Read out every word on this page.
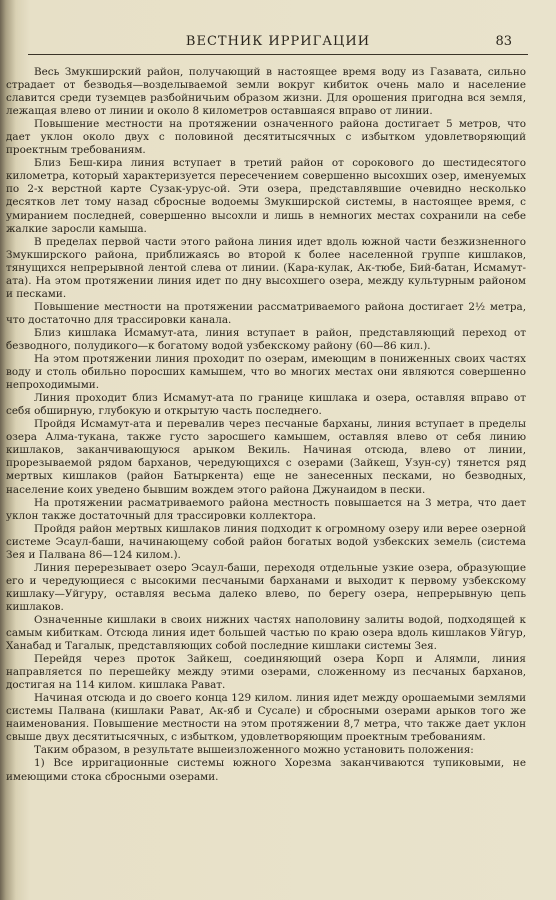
ВЕСТНИК ИРРИГАЦИИ	83

Весь Змукширский район, получающий в настоящее время воду из Газавата, сильно страдает от безводья—возделываемой земли вокруг кибиток очень мало и население славится среди туземцев разбойничьим образом жизни. Для орошения пригодна вся земля, лежащая влево от линии и около 8 километров оставшаяся вправо от линии.

Повышение местности на протяжении означенного района достигает 5 метров, что дает уклон около двух с половиной десятитысячных с избытком удовлетворяющий проектным требованиям.

Близ Беш-кира линия вступает в третий район от сорокового до шестидесятого километра, который характеризуется пересечением совершенно высохших озер, именуемых по 2-х верстной карте Сузак-урус-ой. Эти озера, представлявшие очевидно несколько десятков лет тому назад сбросные водоемы Змукширской системы, в настоящее время, с умиранием последней, совершенно высохли и лишь в немногих местах сохранили на себе жалкие заросли камыша.

В пределах первой части этого района линия идет вдоль южной части безжизненного Змукширского района, приближаясь во второй к более населенной группе кишлаков, тянущихся непрерывной лентой слева от линии. (Кара-кулак, Ак-тюбе, Бий-батан, Исмамут-ата). На этом протяжении линия идет по дну высохшего озера, между культурным районом и песками.

Повышение местности на протяжении рассматриваемого района достигает 2½ метра, что достаточно для трассировки канала.

Близ кишлака Исмамут-ата, линия вступает в район, представляющий переход от безводного, полудикого—к богатому водой узбекскому району (60—86 кил.).

На этом протяжении линия проходит по озерам, имеющим в пониженных своих частях воду и столь обильно поросших камышем, что во многих местах они являются совершенно непроходимыми.

Линия проходит близ Исмамут-ата по границе кишлака и озера, оставляя вправо от себя обширную, глубокую и открытую часть последнего.

Пройдя Исмамут-ата и перевалив через песчаные барханы, линия вступает в пределы озера Алма-тукана, также густо заросшего камышем, оставляя влево от себя линию кишлаков, заканчивающуюся арыком Векиль. Начиная отсюда, влево от линии, прорезываемой рядом барханов, чередующихся с озерами (Зайкеш, Узун-су) тянется ряд мертвых кишлаков (район Батыркента) еще не занесенных песками, но безводных, население коих уведено бывшим вождем этого района Джунаидом в пески.

На протяжении расматриваемого района местность повышается на 3 метра, что дает уклон также достаточный для трассировки коллектора.

Пройдя район мертвых кишлаков линия подходит к огромному озеру или верее озерной системе Эсаул-баши, начинающему собой район богатых водой узбекских земель (система Зея и Палвана 86—124 килом.).

Линия перерезывает озеро Эсаул-баши, переходя отдельные узкие озера, образующие его и чередующиеся с высокими песчаными барханами и выходит к первому узбекскому кишлаку—Уйгуру, оставляя весьма далеко влево, по берегу озера, непрерывную цепь кишлаков.

Означенные кишлаки в своих нижних частях наполовину залиты водой, подходящей к самым кибиткам. Отсюда линия идет большей частью по краю озера вдоль кишлаков Уйгур, Ханабад и Тагалык, представляющих собой последние кишлаки системы Зея.

Перейдя через проток Зайкеш, соединяющий озера Корп и Алямли, линия направляется по перешейку между этими озерами, сложенному из песчаных барханов, достигая на 114 килом. кишлака Рават.

Начиная отсюда и до своего конца 129 килом. линия идет между орошаемыми землями системы Палвана (кишлаки Рават, Ак-яб и Сусале) и сбросными озерами арыков того же наименования. Повышение местности на этом протяжении 8,7 метра, что также дает уклон свыше двух десятитысячных, с избытком, удовлетворяющим проектным требованиям.

Таким образом, в результате вышеизложенного можно установить положения:

1) Все ирригационные системы южного Хорезма заканчиваются тупиковыми, не имеющими стока сбросными озерами.
